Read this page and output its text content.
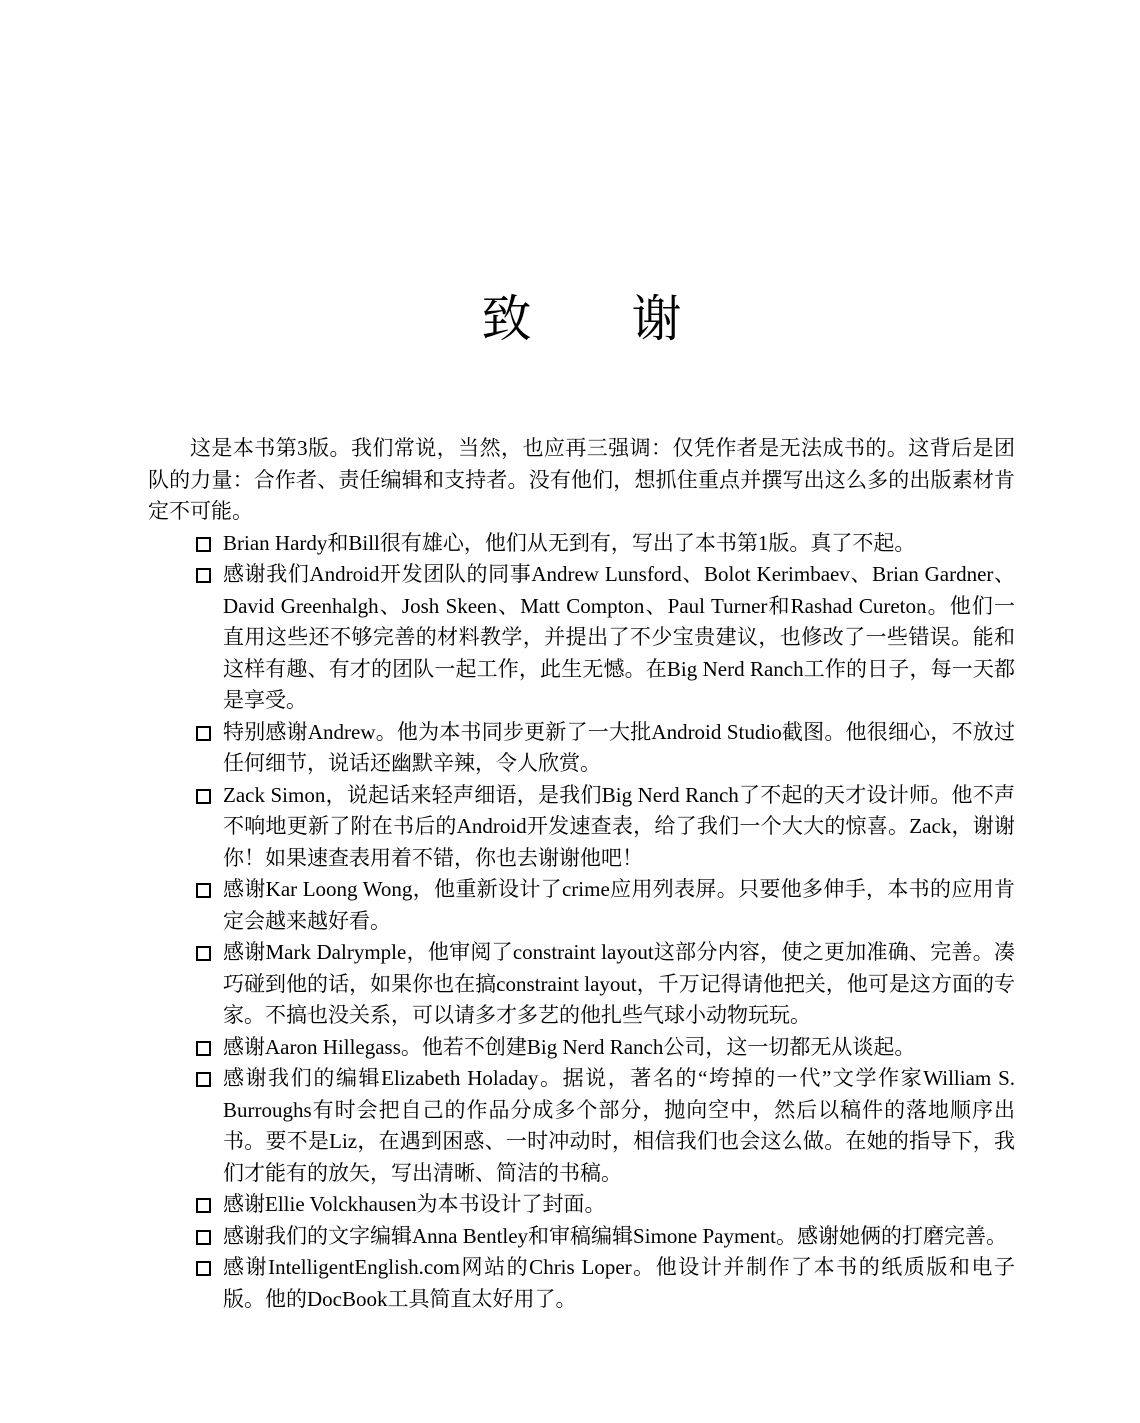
致　　谢

这是本书第3版。我们常说，当然，也应再三强调：仅凭作者是无法成书的。这背后是团队的力量：合作者、责任编辑和支持者。没有他们，想抓住重点并撰写出这么多的出版素材肯定不可能。

Brian Hardy和Bill很有雄心，他们从无到有，写出了本书第1版。真了不起。
感谢我们Android开发团队的同事Andrew Lunsford、Bolot Kerimbaev、Brian Gardner、David Greenhalgh、Josh Skeen、Matt Compton、Paul Turner和Rashad Cureton。他们一直用这些还不够完善的材料教学，并提出了不少宝贵建议，也修改了一些错误。能和这样有趣、有才的团队一起工作，此生无憾。在Big Nerd Ranch工作的日子，每一天都是享受。
特别感谢Andrew。他为本书同步更新了一大批Android Studio截图。他很细心，不放过任何细节，说话还幽默辛辣，令人欣赏。
Zack Simon，说起话来轻声细语，是我们Big Nerd Ranch了不起的天才设计师。他不声不响地更新了附在书后的Android开发速查表，给了我们一个大大的惊喜。Zack，谢谢你！如果速查表用着不错，你也去谢谢他吧！
感谢Kar Loong Wong，他重新设计了crime应用列表屏。只要他多伸手，本书的应用肯定会越来越好看。
感谢Mark Dalrymple，他审阅了constraint layout这部分内容，使之更加准确、完善。凑巧碰到他的话，如果你也在搞constraint layout，千万记得请他把关，他可是这方面的专家。不搞也没关系，可以请多才多艺的他扎些气球小动物玩玩。
感谢Aaron Hillegass。他若不创建Big Nerd Ranch公司，这一切都无从谈起。
感谢我们的编辑Elizabeth Holaday。据说，著名的“垮掉的一代”文学作家William S. Burroughs有时会把自己的作品分成多个部分，抛向空中，然后以稿件的落地顺序出书。要不是Liz，在遇到困惑、一时冲动时，相信我们也会这么做。在她的指导下，我们才能有的放矢，写出清晰、简洁的书稿。
感谢Ellie Volckhausen为本书设计了封面。
感谢我们的文字编辑Anna Bentley和审稿编辑Simone Payment。感谢她俩的打磨完善。
感谢IntelligentEnglish.com网站的Chris Loper。他设计并制作了本书的纸质版和电子版。他的DocBook工具简直太好用了。
